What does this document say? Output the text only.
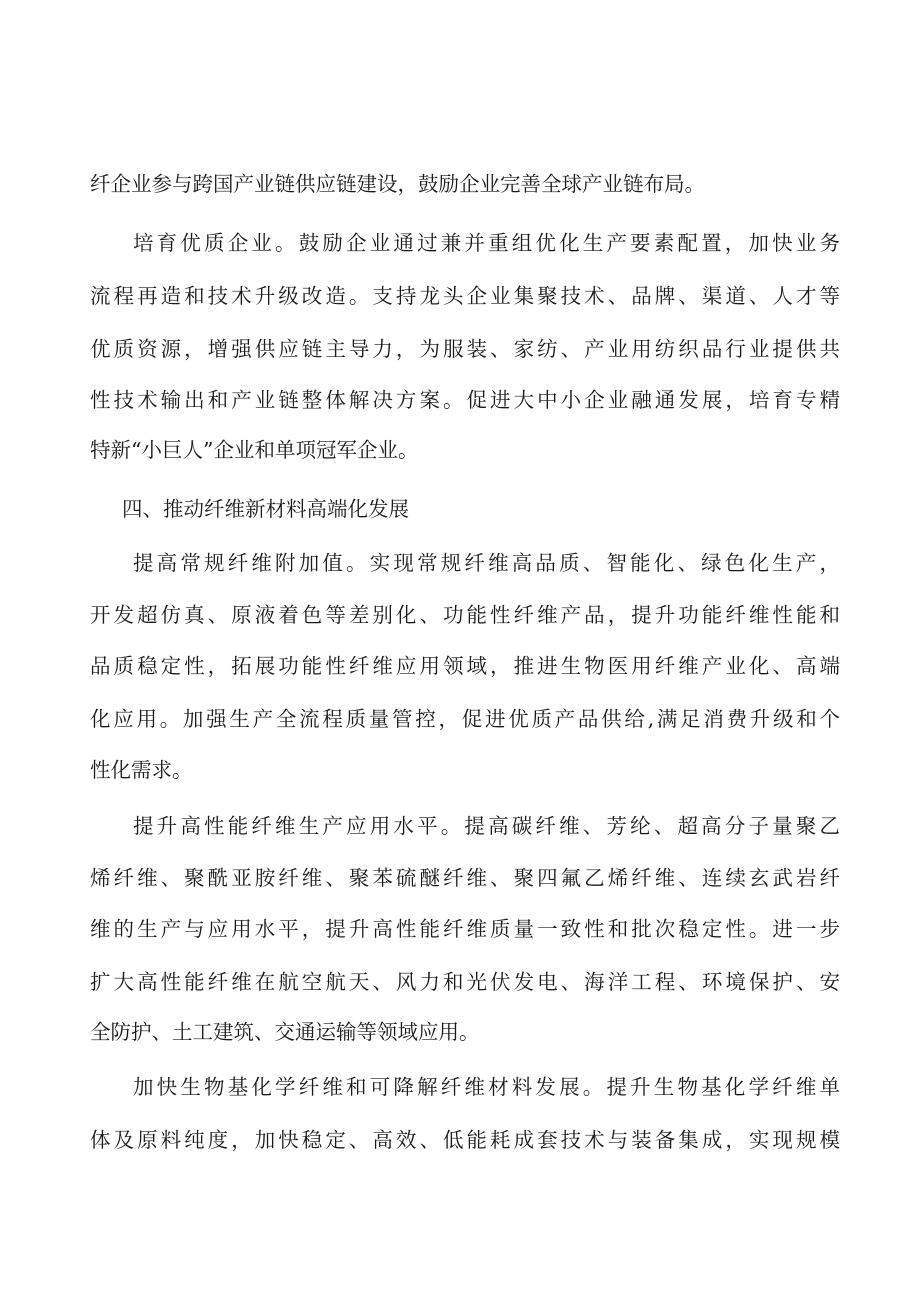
纤企业参与跨国产业链供应链建设，鼓励企业完善全球产业链布局。
培育优质企业。鼓励企业通过兼并重组优化生产要素配置，加快业务
流程再造和技术升级改造。支持龙头企业集聚技术、品牌、渠道、人才等
优质资源，增强供应链主导力，为服装、家纺、产业用纺织品行业提供共
性技术输出和产业链整体解决方案。促进大中小企业融通发展，培育专精
特新“小巨人”企业和单项冠军企业。
四、推动纤维新材料高端化发展
提高常规纤维附加值。实现常规纤维高品质、智能化、绿色化生产，
开发超仿真、原液着色等差别化、功能性纤维产品，提升功能纤维性能和
品质稳定性，拓展功能性纤维应用领域，推进生物医用纤维产业化、高端
化应用。加强生产全流程质量管控，促进优质产品供给,满足消费升级和个
性化需求。
提升高性能纤维生产应用水平。提高碳纤维、芳纶、超高分子量聚乙
烯纤维、聚酰亚胺纤维、聚苯硫醚纤维、聚四氟乙烯纤维、连续玄武岩纤
维的生产与应用水平，提升高性能纤维质量一致性和批次稳定性。进一步
扩大高性能纤维在航空航天、风力和光伏发电、海洋工程、环境保护、安
全防护、土工建筑、交通运输等领域应用。
加快生物基化学纤维和可降解纤维材料发展。提升生物基化学纤维单
体及原料纯度，加快稳定、高效、低能耗成套技术与装备集成，实现规模
